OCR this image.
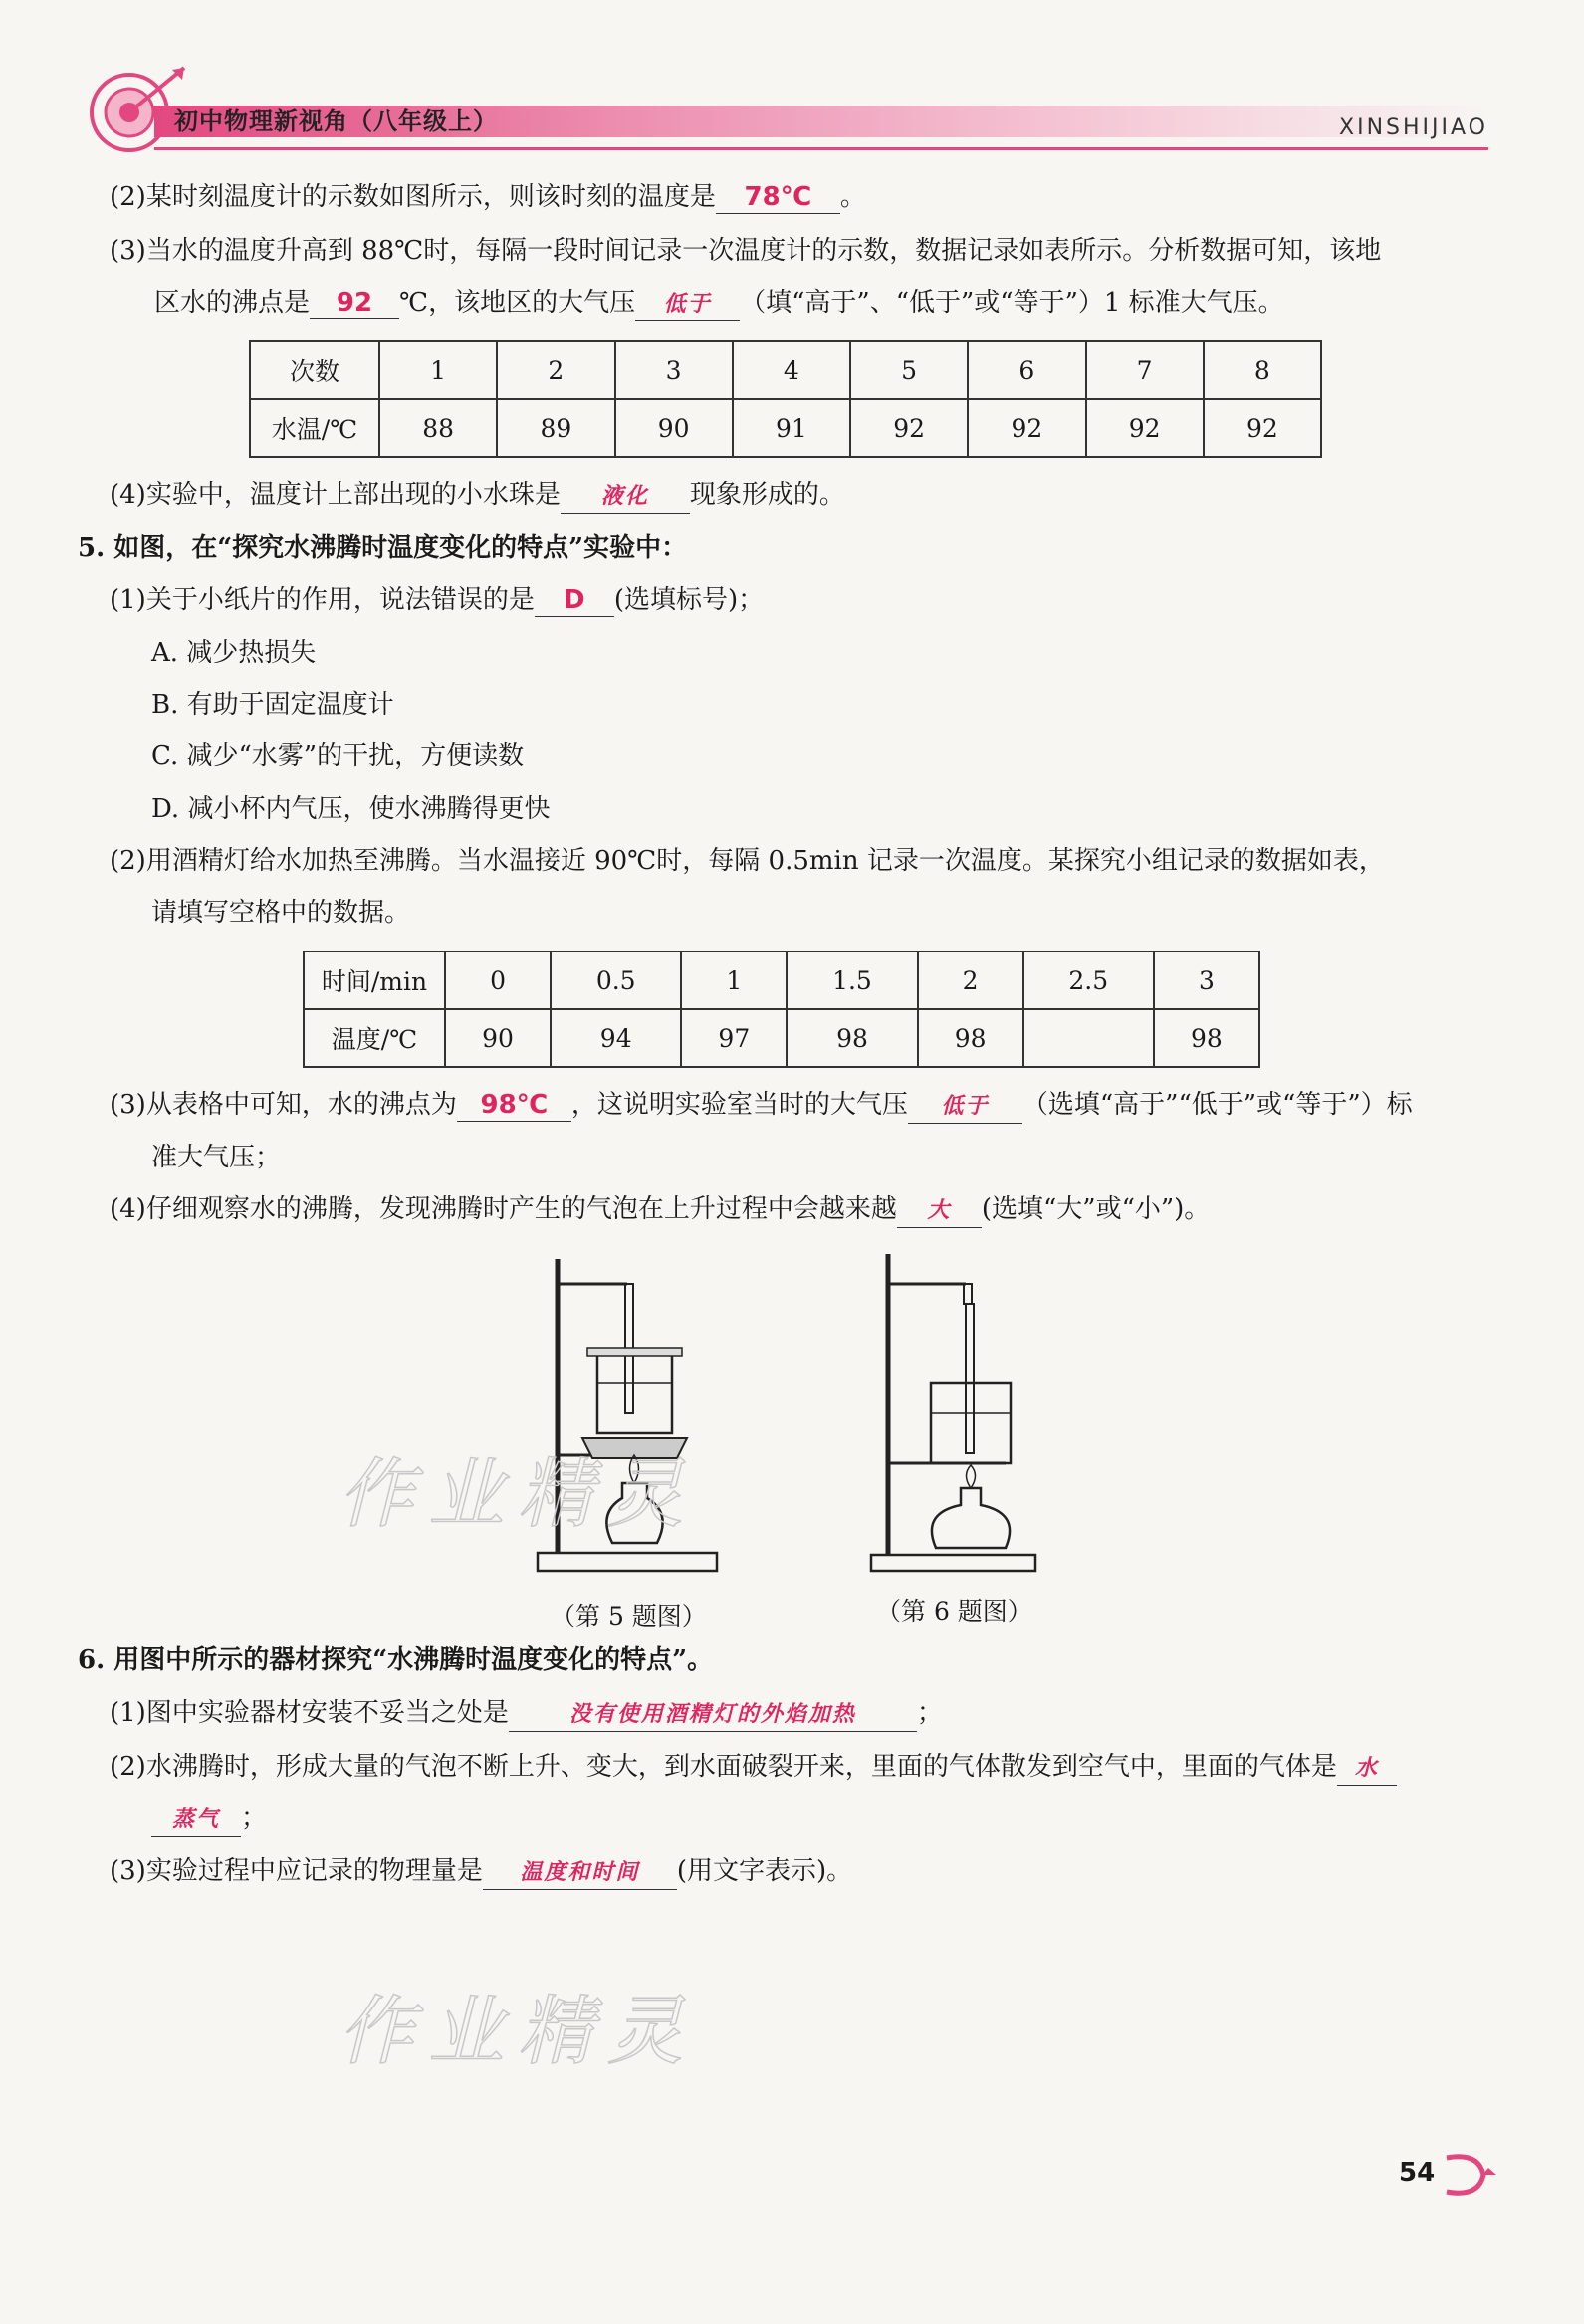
初中物理新视角（八年级上）	XINSHIJIAO
(2)某时刻温度计的示数如图所示，则该时刻的温度是 78℃ 。
(3)当水的温度升高到 88℃时，每隔一段时间记录一次温度计的示数，数据记录如表所示。分析数据可知，该地
区水的沸点是 92 ℃，该地区的大气压 低于 （填“高于”、“低于”或“等于”）1 标准大气压。
次数	1	2	3	4	5	6	7	8
水温/℃	88	89	90	91	92	92	92	92
(4)实验中，温度计上部出现的小水珠是 液化 现象形成的。
5. 如图，在“探究水沸腾时温度变化的特点”实验中：
(1)关于小纸片的作用，说法错误的是 D (选填标号)；
A. 减少热损失
B. 有助于固定温度计
C. 减少“水雾”的干扰，方便读数
D. 减小杯内气压，使水沸腾得更快
(2)用酒精灯给水加热至沸腾。当水温接近 90℃时，每隔 0.5min 记录一次温度。某探究小组记录的数据如表，
请填写空格中的数据。
时间/min	0	0.5	1	1.5	2	2.5	3
温度/℃	90	94	97	98	98		98
(3)从表格中可知，水的沸点为 98℃ ，这说明实验室当时的大气压 低于 （选填“高于”“低于”或“等于”）标
准大气压；
(4)仔细观察水的沸腾，发现沸腾时产生的气泡在上升过程中会越来越 大 (选填“大”或“小”)。
（第 5 题图）	（第 6 题图）
作业精灵
作业精灵
6. 用图中所示的器材探究“水沸腾时温度变化的特点”。
(1)图中实验器材安装不妥当之处是	没有使用酒精灯的外焰加热 ；
(2)水沸腾时，形成大量的气泡不断上升、变大，到水面破裂开来，里面的气体散发到空气中，里面的气体是 水
蒸气 ；
(3)实验过程中应记录的物理量是 温度和时间 (用文字表示)。
54
